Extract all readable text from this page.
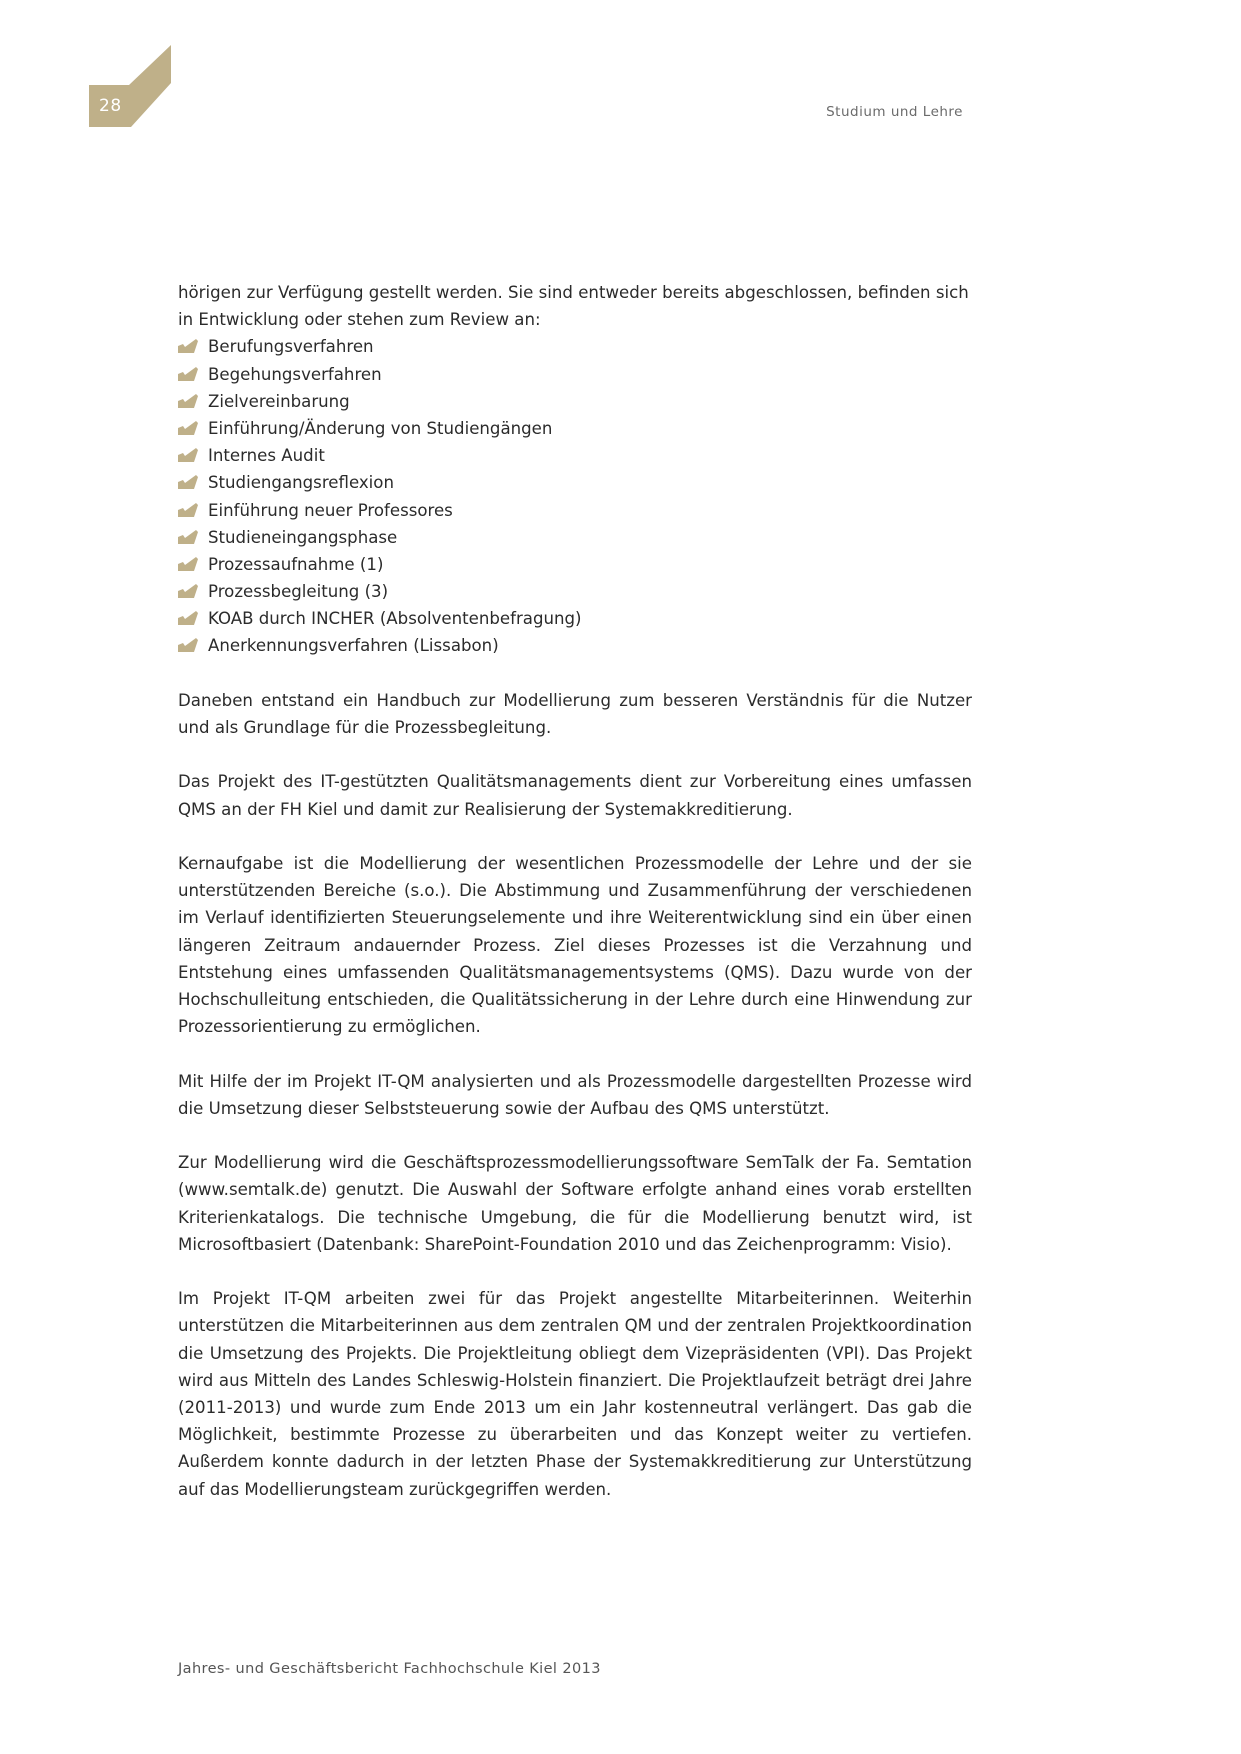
28	Studium und Lehre

hörigen zur Verfügung gestellt werden. Sie sind entweder bereits abgeschlossen, befinden sich in Entwicklung oder stehen zum Review an:

Berufungsverfahren
Begehungsverfahren
Zielvereinbarung
Einführung/Änderung von Studiengängen
Internes Audit
Studiengangsreflexion
Einführung neuer Professores
Studieneingangsphase
Prozessaufnahme (1)
Prozessbegleitung (3)
KOAB durch INCHER (Absolventenbefragung)
Anerkennungsverfahren (Lissabon)

Daneben entstand ein Handbuch zur Modellierung zum besseren Verständnis für die Nutzer und als Grundlage für die Prozessbegleitung.

Das Projekt des IT-gestützten Qualitätsmanagements dient zur Vorbereitung eines umfassen QMS an der FH Kiel und damit zur Realisierung der Systemakkreditierung.

Kernaufgabe ist die Modellierung der wesentlichen Prozessmodelle der Lehre und der sie unterstützenden Bereiche (s.o.). Die Abstimmung und Zusammenführung der verschiedenen im Verlauf identifizierten Steuerungselemente und ihre Weiterentwicklung sind ein über einen längeren Zeitraum andauernder Prozess. Ziel dieses Prozesses ist die Verzahnung und Entstehung eines umfassenden Qualitätsmanagementsystems (QMS). Dazu wurde von der Hochschulleitung entschieden, die Qualitätssicherung in der Lehre durch eine Hinwendung zur Prozessorientierung zu ermöglichen.

Mit Hilfe der im Projekt IT-QM analysierten und als Prozessmodelle dargestellten Prozesse wird die Umsetzung dieser Selbststeuerung sowie der Aufbau des QMS unterstützt.

Zur Modellierung wird die Geschäftsprozessmodellierungssoftware SemTalk der Fa. Semtation (www.semtalk.de) genutzt. Die Auswahl der Software erfolgte anhand eines vorab erstellten Kriterienkatalogs. Die technische Umgebung, die für die Modellierung benutzt wird, ist Microsoftbasiert (Datenbank: SharePoint-Foundation 2010 und das Zeichenprogramm: Visio).

Im Projekt IT-QM arbeiten zwei für das Projekt angestellte Mitarbeiterinnen. Weiterhin unterstützen die Mitarbeiterinnen aus dem zentralen QM und der zentralen Projektkoordination die Umsetzung des Projekts. Die Projektleitung obliegt dem Vizepräsidenten (VPI). Das Projekt wird aus Mitteln des Landes Schleswig-Holstein finanziert. Die Projektlaufzeit beträgt drei Jahre (2011-2013) und wurde zum Ende 2013 um ein Jahr kostenneutral verlängert. Das gab die Möglichkeit, bestimmte Prozesse zu überarbeiten und das Konzept weiter zu vertiefen. Außerdem konnte dadurch in der letzten Phase der Systemakkreditierung zur Unterstützung auf das Modellierungsteam zurückgegriffen werden.

Jahres- und Geschäftsbericht Fachhochschule Kiel 2013
